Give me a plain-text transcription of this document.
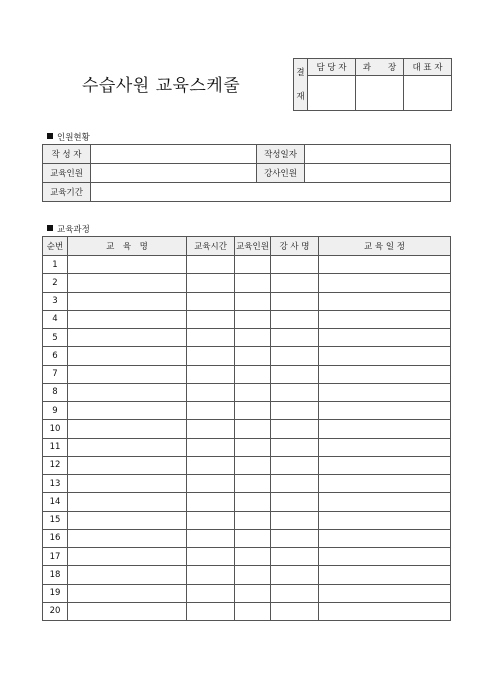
수습사원 교육스케줄
결

재	담 당 자	과　　장	대 표 자

인원현황
작 성 자		작성일자	
교육인원		강사인원	
교육기간			
교육과정
순번	교　육　명	교육시간	교육인원	강 사 명	교 육 일 정
1					
2					
3					
4					
5					
6					
7					
8					
9					
10					
11					
12					
13					
14					
15					
16					
17					
18					
19					
20					
